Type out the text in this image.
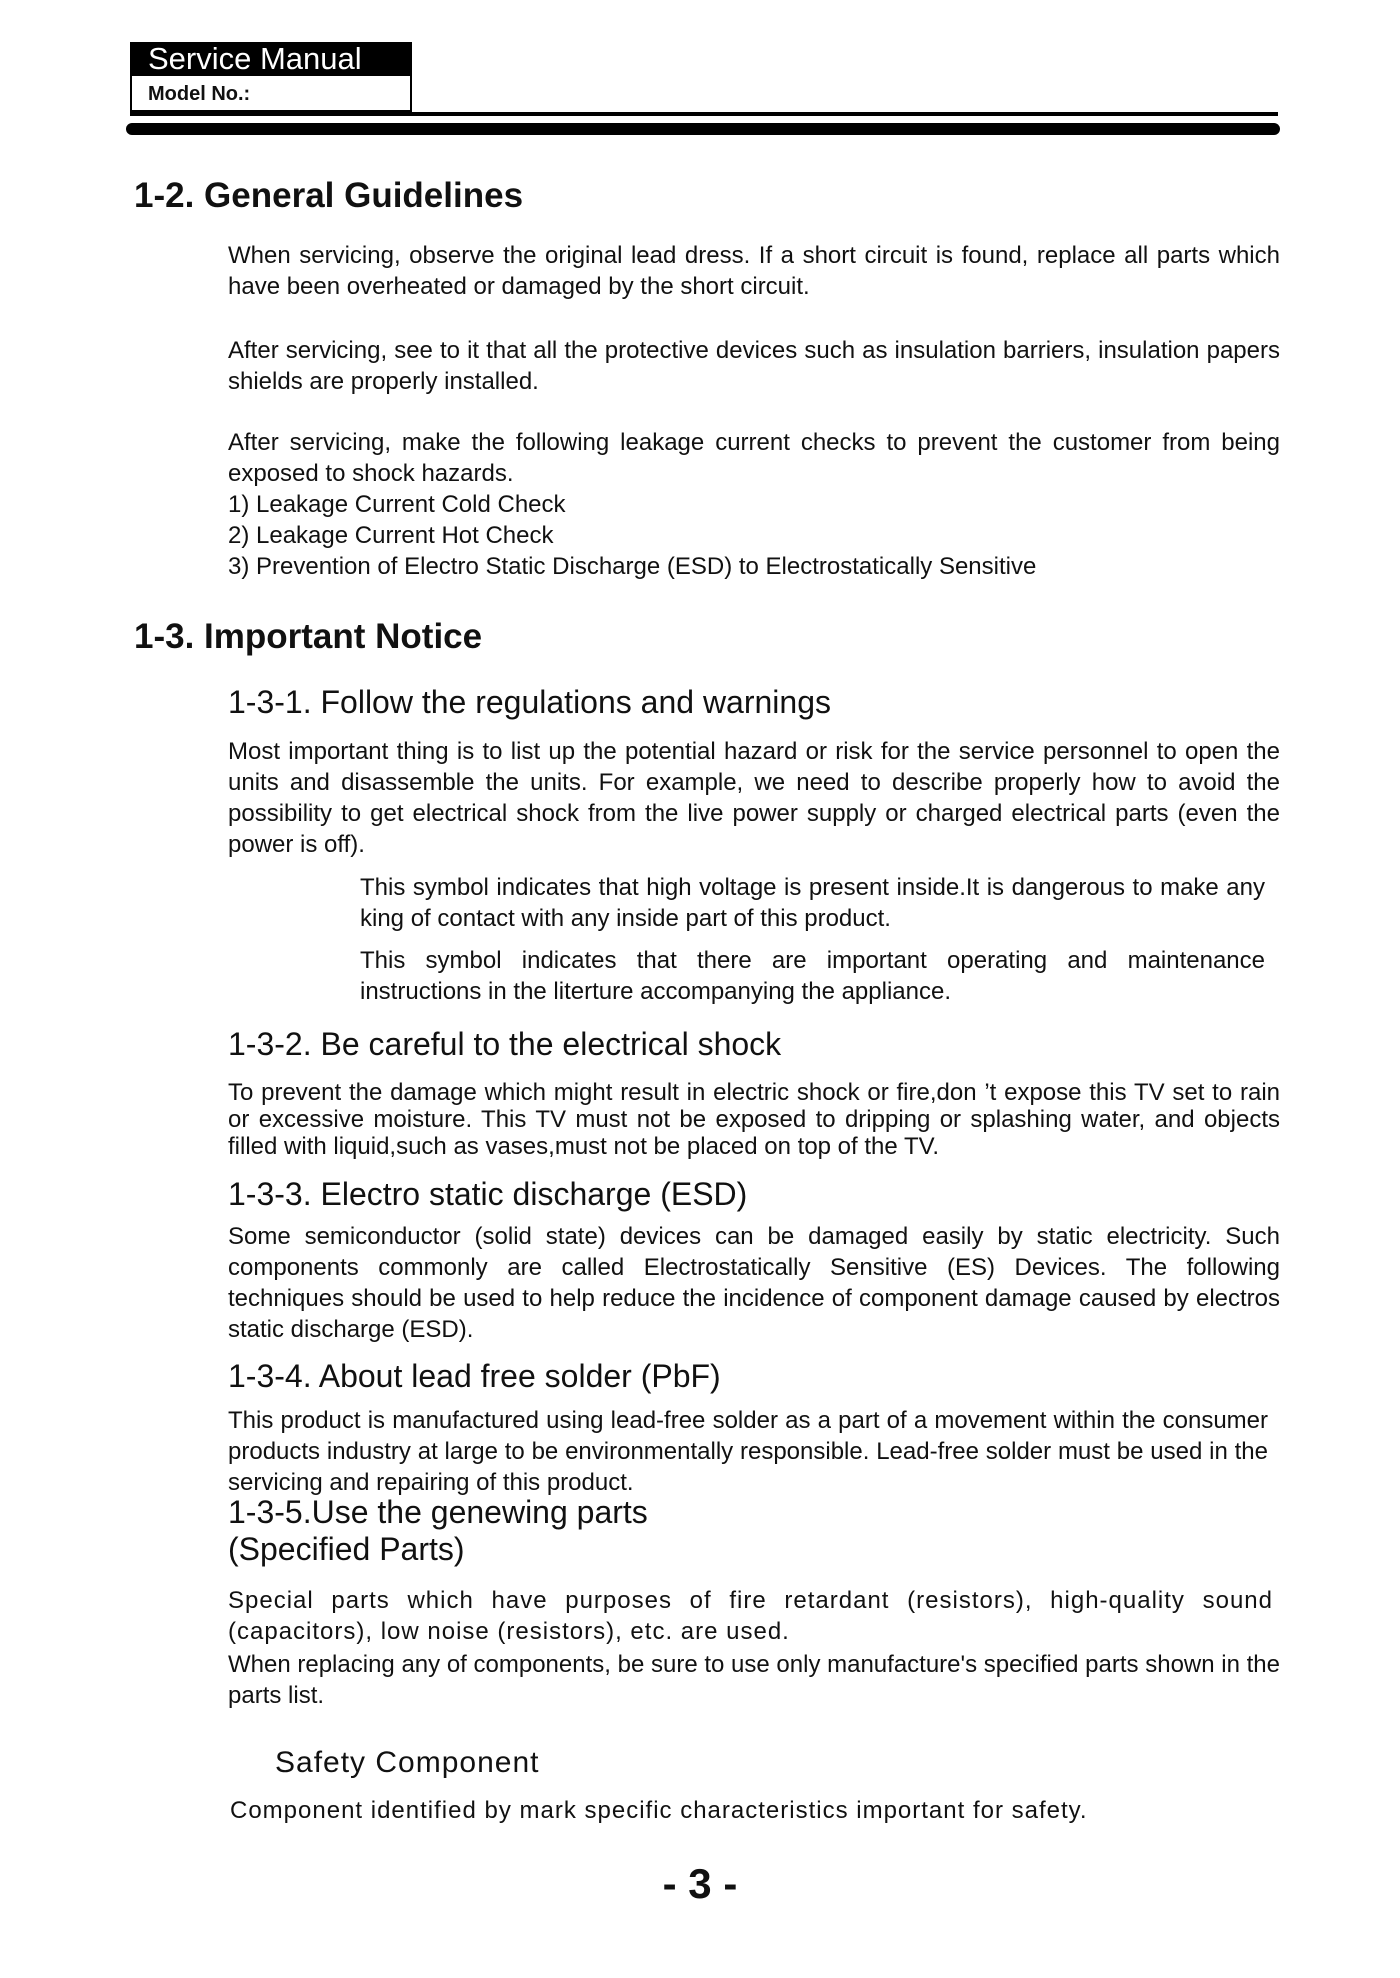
Service Manual
Model No.:
1-2. General Guidelines
When servicing, observe the original lead dress. If a short circuit is found, replace all parts which have been overheated or damaged by the short circuit.
After servicing, see to it that all the protective devices such as insulation barriers, insulation papers shields are properly installed.
After servicing, make the following leakage current checks to prevent the customer from being exposed to shock hazards.
1) Leakage Current Cold Check
2) Leakage Current Hot Check
3) Prevention of Electro Static Discharge (ESD) to Electrostatically Sensitive
1-3. Important Notice
1-3-1. Follow the regulations and warnings
Most important thing is to list up the potential hazard or risk for the service personnel to open the units and disassemble the units. For example, we need to describe properly how to avoid the possibility to get electrical shock from the live power supply or charged electrical parts (even the power is off).
This symbol indicates that high voltage is present inside.It is dangerous to make any king of contact with any inside part of this product.
This symbol indicates that there are important operating and maintenance instructions in the literture accompanying the appliance.
1-3-2. Be careful to the electrical shock
To prevent the damage which might result in electric shock or fire,don ’t expose this TV set to rain or excessive moisture. This TV must not be exposed to dripping or splashing water, and objects filled with liquid,such as vases,must not be placed on top of the TV.
1-3-3. Electro static discharge (ESD)
Some semiconductor (solid state) devices can be damaged easily by static electricity. Such components commonly are called Electrostatically Sensitive (ES) Devices. The following techniques should be used to help reduce the incidence of component damage caused by electros static discharge (ESD).
1-3-4. About lead free solder (PbF)
This product is manufactured using lead-free solder as a part of a movement within the consumer products industry at large to be environmentally responsible. Lead-free solder must be used in the servicing and repairing of this product.
1-3-5.Use the genewing parts
(Specified Parts)
Special parts which have purposes of fire retardant (resistors), high-quality sound (capacitors), low noise (resistors), etc. are used.
When replacing any of components, be sure to use only manufacture's specified parts shown in the parts list.
Safety Component
Component identified by mark specific characteristics important for safety.
- 3 -
